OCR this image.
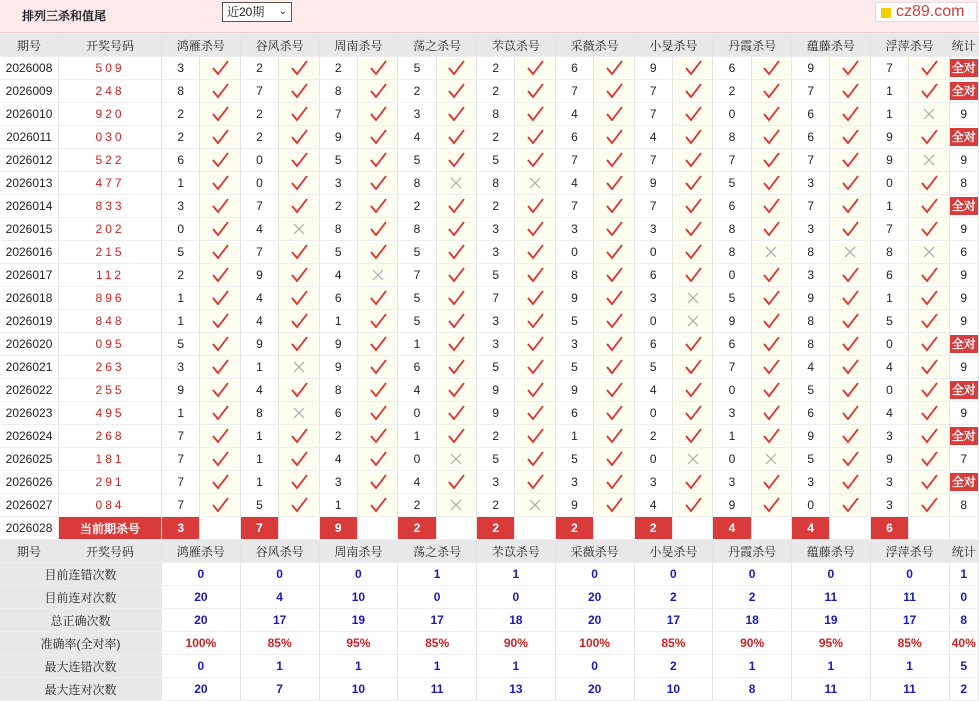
排列三杀和值尾	近20期 ⌄	cz89.com
期号	开奖号码	鸿雁杀号		谷风杀号		周南杀号		荡之杀号		芣苡杀号		采薇杀号		小旻杀号		丹霞杀号		蕴藤杀号		浮萍杀号		统计
2026008	509	3		2		2		5		2		6		9		6		9		7		全对
2026009	248	8		7		8		2		2		7		7		2		7		1		全对
2026010	920	2		2		7		3		8		4		7		0		6		1		9
2026011	030	2		2		9		4		2		6		4		8		6		9		全对
2026012	522	6		0		5		5		5		7		7		7		7		9		9
2026013	477	1		0		3		8		8		4		9		5		3		0		8
2026014	833	3		7		2		2		2		7		7		6		7		1		全对
2026015	202	0		4		8		8		3		3		3		8		3		7		9
2026016	215	5		7		5		5		3		0		0		8		8		8		6
2026017	112	2		9		4		7		5		8		6		0		3		6		9
2026018	896	1		4		6		5		7		9		3		5		9		1		9
2026019	848	1		4		1		5		3		5		0		9		8		5		9
2026020	095	5		9		9		1		3		3		6		6		8		0		全对
2026021	263	3		1		9		6		5		5		5		7		4		4		9
2026022	255	9		4		8		4		9		9		4		0		5		0		全对
2026023	495	1		8		6		0		9		6		0		3		6		4		9
2026024	268	7		1		2		1		2		1		2		1		9		3		全对
2026025	181	7		1		4		0		5		5		0		0		5		9		7
2026026	291	7		1		3		4		3		3		3		3		3		3		全对
2026027	084	7		5		1		2		2		9		4		9		0		3		8
2026028	当前期杀号	3		7		9		2		2		2		2		4		4		6		
期号	开奖号码	鸿雁杀号		谷风杀号		周南杀号		荡之杀号		芣苡杀号		采薇杀号		小旻杀号		丹霞杀号		蕴藤杀号		浮萍杀号		统计
目前连错次数		0		0		0		1		1		0		0		0		0		0		1
目前连对次数		20		4		10		0		0		20		2		2		11		11		0
总正确次数		20		17		19		17		18		20		17		18		19		17		8
准确率(全对率)		100%		85%		95%		85%		90%		100%		85%		90%		95%		85%		40%
最大连错次数		0		1		1		1		1		0		2		1		1		1		5
最大连对次数		20		7		10		11		13		20		10		8		11		11		2
